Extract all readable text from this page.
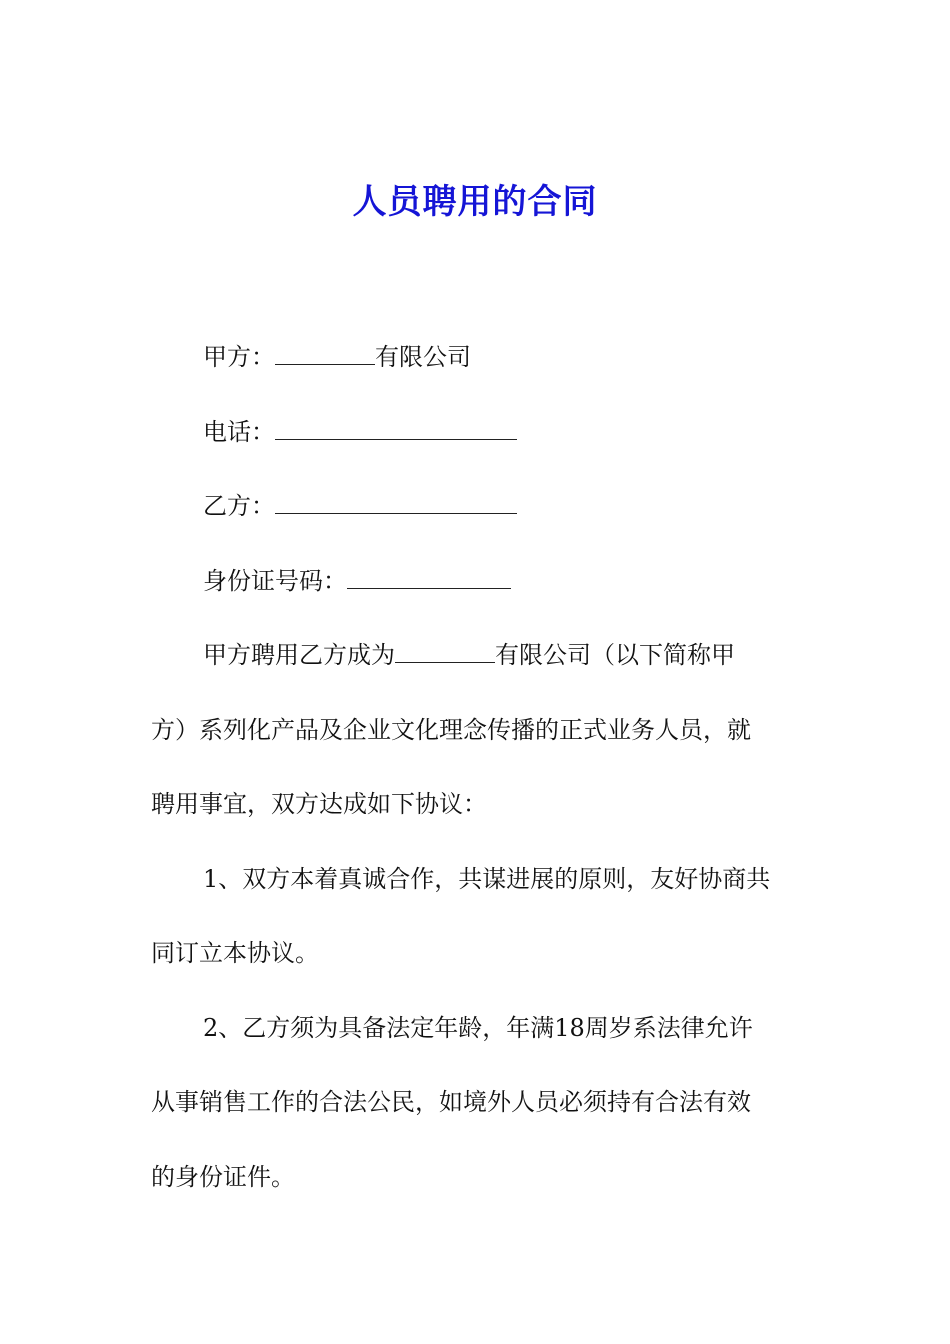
人员聘用的合同
甲方：	有限公司
电话：
乙方：
身份证号码：
甲方聘用乙方成为	有限公司（以下简称甲
方）系列化产品及企业文化理念传播的正式业务人员，就
聘用事宜，双方达成如下协议：
1、双方本着真诚合作，共谋进展的原则，友好协商共
同订立本协议。
2、乙方须为具备法定年龄，年满18周岁系法律允许
从事销售工作的合法公民，如境外人员必须持有合法有效
的身份证件。
